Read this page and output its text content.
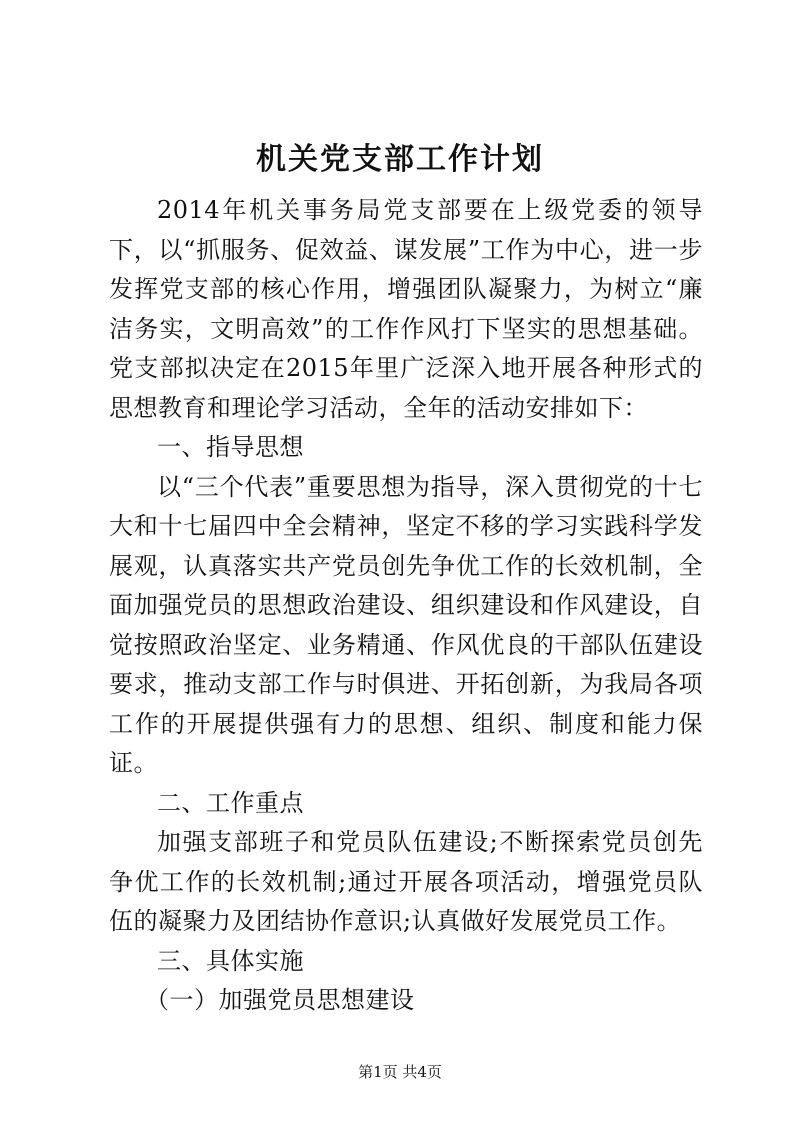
机关党支部工作计划

2014年机关事务局党支部要在上级党委的领导下，以“抓服务、促效益、谋发展”工作为中心，进一步发挥党支部的核心作用，增强团队凝聚力，为树立“廉洁务实，文明高效”的工作作风打下坚实的思想基础。党支部拟决定在2015年里广泛深入地开展各种形式的思想教育和理论学习活动，全年的活动安排如下：

一、指导思想

以“三个代表”重要思想为指导，深入贯彻党的十七大和十七届四中全会精神，坚定不移的学习实践科学发展观，认真落实共产党员创先争优工作的长效机制，全面加强党员的思想政治建设、组织建设和作风建设，自觉按照政治坚定、业务精通、作风优良的干部队伍建设要求，推动支部工作与时俱进、开拓创新，为我局各项工作的开展提供强有力的思想、组织、制度和能力保证。

二、工作重点

加强支部班子和党员队伍建设;不断探索党员创先争优工作的长效机制;通过开展各项活动，增强党员队伍的凝聚力及团结协作意识;认真做好发展党员工作。

三、具体实施

（一）加强党员思想建设

第1页 共4页
